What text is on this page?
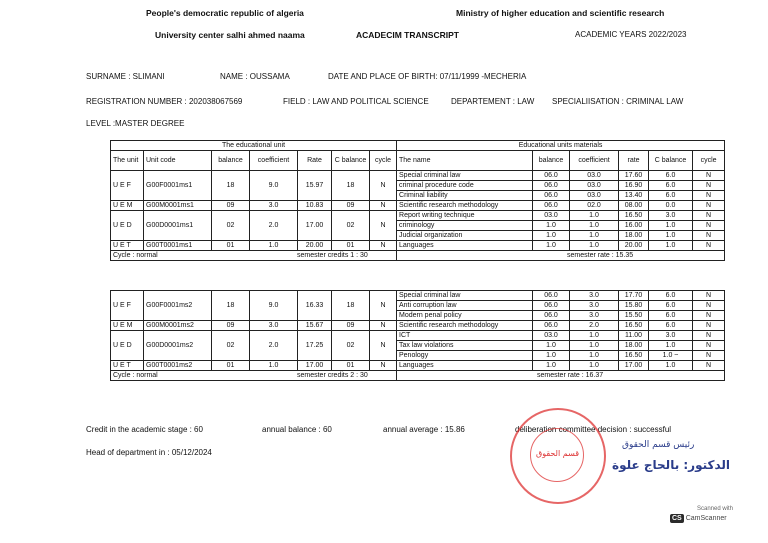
People's democratic republic of algeria	Ministry of higher education and scientific research
University center salhi ahmed naama	ACADECIM TRANSCRIPT	ACADEMIC YEARS 2022/2023
SURNAME : SLIMANI	NAME : OUSSAMA	DATE AND PLACE OF BIRTH: 07/11/1999 -MECHERIA
REGISTRATION NUMBER : 202038067569	FIELD : LAW AND POLITICAL SCIENCE	DEPARTEMENT : LAW SPECIALIISATION : CRIMINAL LAW
LEVEL :MASTER DEGREE
The educational unit							Educational units materials					
The unit	Unit code	balance	coefficient	Rate	C balance	cycle	The name	balance	coefficient	rate	C balance	cycle
U E F	G00F0001ms1	18	9.0	15.97	18	N	Special criminal law	06.0	03.0	17.60	6.0	N
							criminal procedure code	06.0	03.0	16.90	6.0	N
							Criminal liability	06.0	03.0	13.40	6.0	N
U E M	G00M0001ms1	09	3.0	10.83	09	N	Scientific research methodology	06.0	02.0	08.00	0.0	N
U E D	G00D0001ms1	02	2.0	17.00	02	N	Report writing technique	03.0	1.0	16.50	3.0	N
							criminology	1.0	1.0	16.00	1.0	N
							Judicial organization	1.0	1.0	18.00	1.0	N
U E T	G00T0001ms1	01	1.0	20.00	01	N	Languages	1.0	1.0	20.00	1.0	N
Cycle : normal semester credits 1 : 30							semester rate : 15.35					
U E F	G00F0001ms2	18	9.0	16.33	18	N	Special criminal law	06.0	3.0	17.70	6.0	N
							Anti corruption law	06.0	3.0	15.80	6.0	N
							Modern penal policy	06.0	3.0	15.50	6.0	N
U E M	G00M0001ms2	09	3.0	15.67	09	N	Scientific research methodology	06.0	2.0	16.50	6.0	N
U E D	G00D0001ms2	02	2.0	17.25	02	N	ICT	03.0	1.0	11.00	3.0	N
							Tax law violations	1.0	1.0	18.00	1.0	N
							Penology	1.0	1.0	16.50	1.0 ~	N
U E T	G00T0001ms2	01	1.0	17.00	01	N	Languages	1.0	1.0	17.00	1.0	N
Cycle : normal semester credits 2 : 30							semester rate : 16.37					
Credit in the academic stage : 60	annual balance : 60	annual average : 15.86	deliberation committee decision : successful
Head of department in : 05/12/2024	قسم الحقوق
رئيس قسم الحقوق
الدكتور: بالحاج علوة
Scanned with
CS CamScanner
